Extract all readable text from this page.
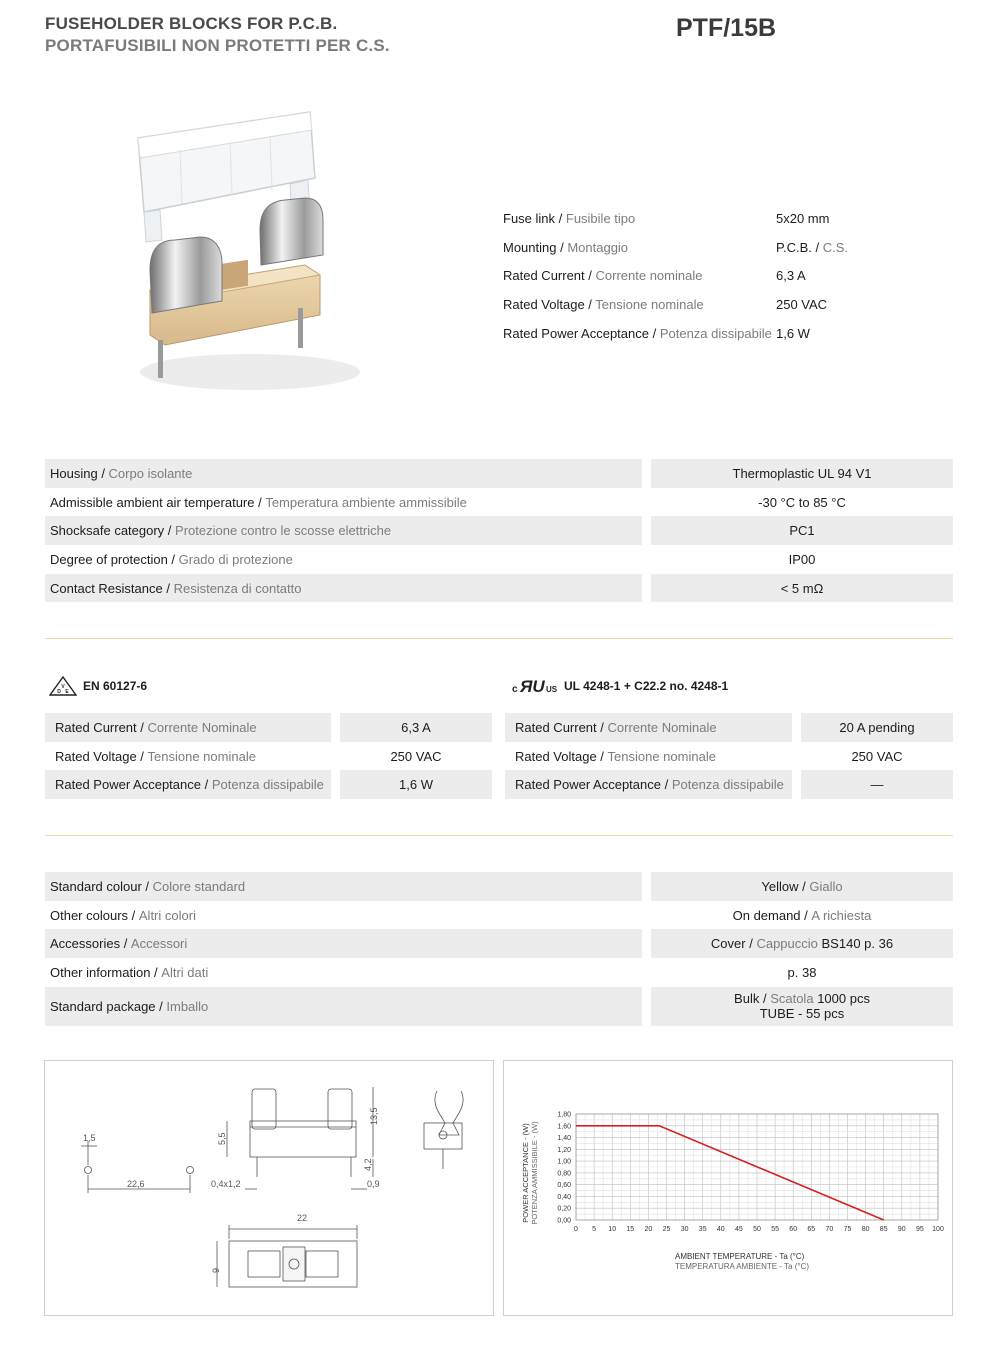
FUSEHOLDER BLOCKS FOR P.C.B.
PORTAFUSIBILI NON PROTETTI PER C.S.
PTF/15B
Fuse link / Fusibile tipo	5x20 mm
Mounting / Montaggio	P.C.B. / C.S.
Rated Current / Corrente nominale	6,3 A
Rated Voltage / Tensione nominale	250 VAC
Rated Power Acceptance / Potenza dissipabile 1,6 W
Housing / Corpo isolante	Thermoplastic UL 94 V1
Admissible ambient air temperature / Temperatura ambiente ammissibile	-30 °C to 85 °C
Shocksafe category / Protezione contro le scosse elettriche	PC1
Degree of protection / Grado di protezione	IP00
Contact Resistance / Resistenza di contatto	< 5 mΩ
V
D E EN 60127-6
Rated Current / Corrente Nominale	6,3 A
Rated Voltage / Tensione nominale	250 VAC
Rated Power Acceptance / Potenza dissipabile	1,6 W
c ЯU US UL 4248-1 + C22.2 no. 4248-1
Rated Current / Corrente Nominale	20 A pending
Rated Voltage / Tensione nominale	250 VAC
Rated Power Acceptance / Potenza dissipabile	—
Standard colour / Colore standard	Yellow / Giallo
Other colours / Altri colori	On demand / A richiesta
Accessories / Accessori	Cover / Cappuccio
BS140 p. 36
Other information / Altri dati	p. 38
Standard package / Imballo	Bulk / Scatola 1000 pcs
TUBE - 55 pcs
1,5
22,6	0,4x1,2
5,5
13,5
4,2
0,9
22
9
0,00
0,20
0,40
0,60
0,80
1,00
1,20
1,40
1,60
1,80
0 5 10 15 20 25 30 35 40 45 50 55 60 65 70 75 80 85 90 95 100
POWER ACCEPTANCE - (W) POTENZA AMMISSIBILE - (W)
AMBIENT TEMPERATURE - Ta (°C)
TEMPERATURA AMBIENTE - Ta (°C)
